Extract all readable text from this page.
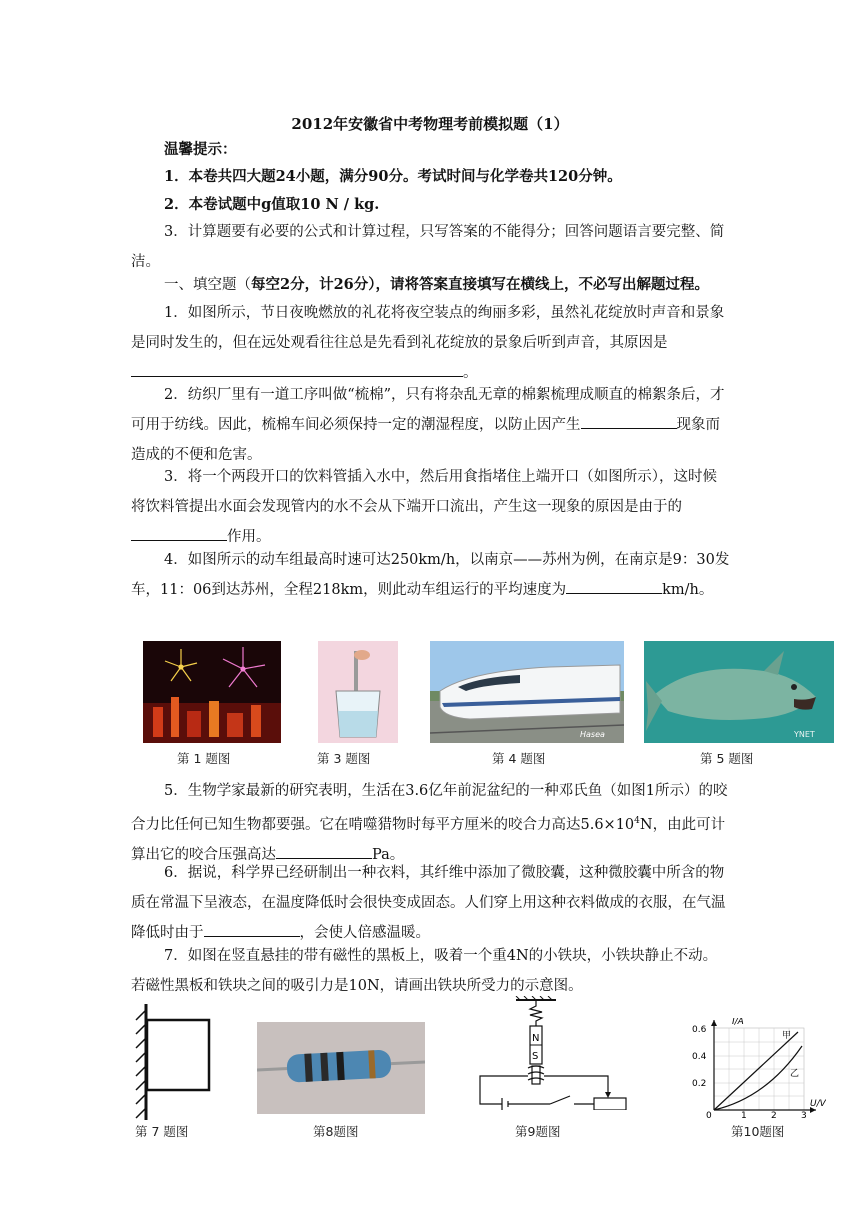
2012年安徽省中考物理考前模拟题（1）
温馨提示：
1．本卷共四大题24小题，满分90分。考试时间与化学卷共120分钟。
2．本卷试题中g值取10 N / kg.
3．计算题要有必要的公式和计算过程，只写答案的不能得分；回答问题语言要完整、简洁。
一、填空题（每空2分，计26分），请将答案直接填写在横线上，不必写出解题过程。
1．如图所示，节日夜晚燃放的礼花将夜空装点的绚丽多彩，虽然礼花绽放时声音和景象是同时发生的，但在远处观看往往总是先看到礼花绽放的景象后听到声音，其原因是。
2．纺织厂里有一道工序叫做“梳棉”，只有将杂乱无章的棉絮梳理成顺直的棉絮条后，才可用于纺线。因此，梳棉车间必须保持一定的潮湿程度，以防止因产生	现象而造成的不便和危害。
3．将一个两段开口的饮料管插入水中，然后用食指堵住上端开口（如图所示），这时候将饮料管提出水面会发现管内的水不会从下端开口流出，产生这一现象的原因是由于的作用。
4．如图所示的动车组最高时速可达250km/h，以南京——苏州为例，在南京是9：30发车，11：06到达苏州，全程218km，则此动车组运行的平均速度为	km/h。
第 1 题图	第 3 题图
Hasea
第 4 题图
YNET
第 5 题图
5．生物学家最新的研究表明，生活在3.6亿年前泥盆纪的一种邓氏鱼（如图1所示）的咬合力比任何已知生物都要强。它在啃噬猎物时每平方厘米的咬合力高达$5.6\times 10^4N$，由此可计算出它的咬合压强高达	Pa。
6．据说，科学界已经研制出一种衣料，其纤维中添加了微胶囊，这种微胶囊中所含的物质在常温下呈液态，在温度降低时会很快变成固态。人们穿上用这种衣料做成的衣服，在气温降低时由于	，会使人倍感温暖。
7．如图在竖直悬挂的带有磁性的黑板上，吸着一个重4N的小铁块，小铁块静止不动。若磁性黑板和铁块之间的吸引力是10N，请画出铁块所受力的示意图。
第 7 题图	第8题图
N
S
第9题图
I/A
U/V
0.6
0.4
0.2
0	1	2	3
甲
乙
第10题图
